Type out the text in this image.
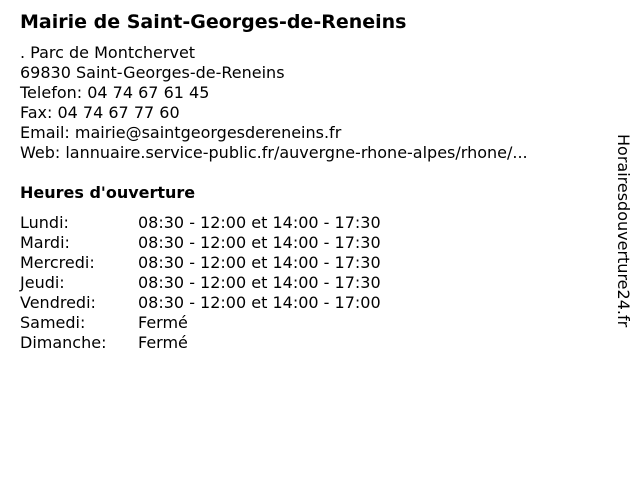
Mairie de Saint-Georges-de-Reneins
. Parc de Montchervet
69830 Saint-Georges-de-Reneins
Telefon: 04 74 67 61 45
Fax: 04 74 67 77 60
Email: mairie@saintgeorgesdereneins.fr
Web: lannuaire.service-public.fr/auvergne-rhone-alpes/rhone/...
Heures d'ouverture
Lundi:	08:30 - 12:00 et 14:00 - 17:30
Mardi:	08:30 - 12:00 et 14:00 - 17:30
Mercredi:	08:30 - 12:00 et 14:00 - 17:30
Jeudi:	08:30 - 12:00 et 14:00 - 17:30
Vendredi:	08:30 - 12:00 et 14:00 - 17:00
Samedi:	Fermé
Dimanche: Fermé
Horairesdouverture24.fr
